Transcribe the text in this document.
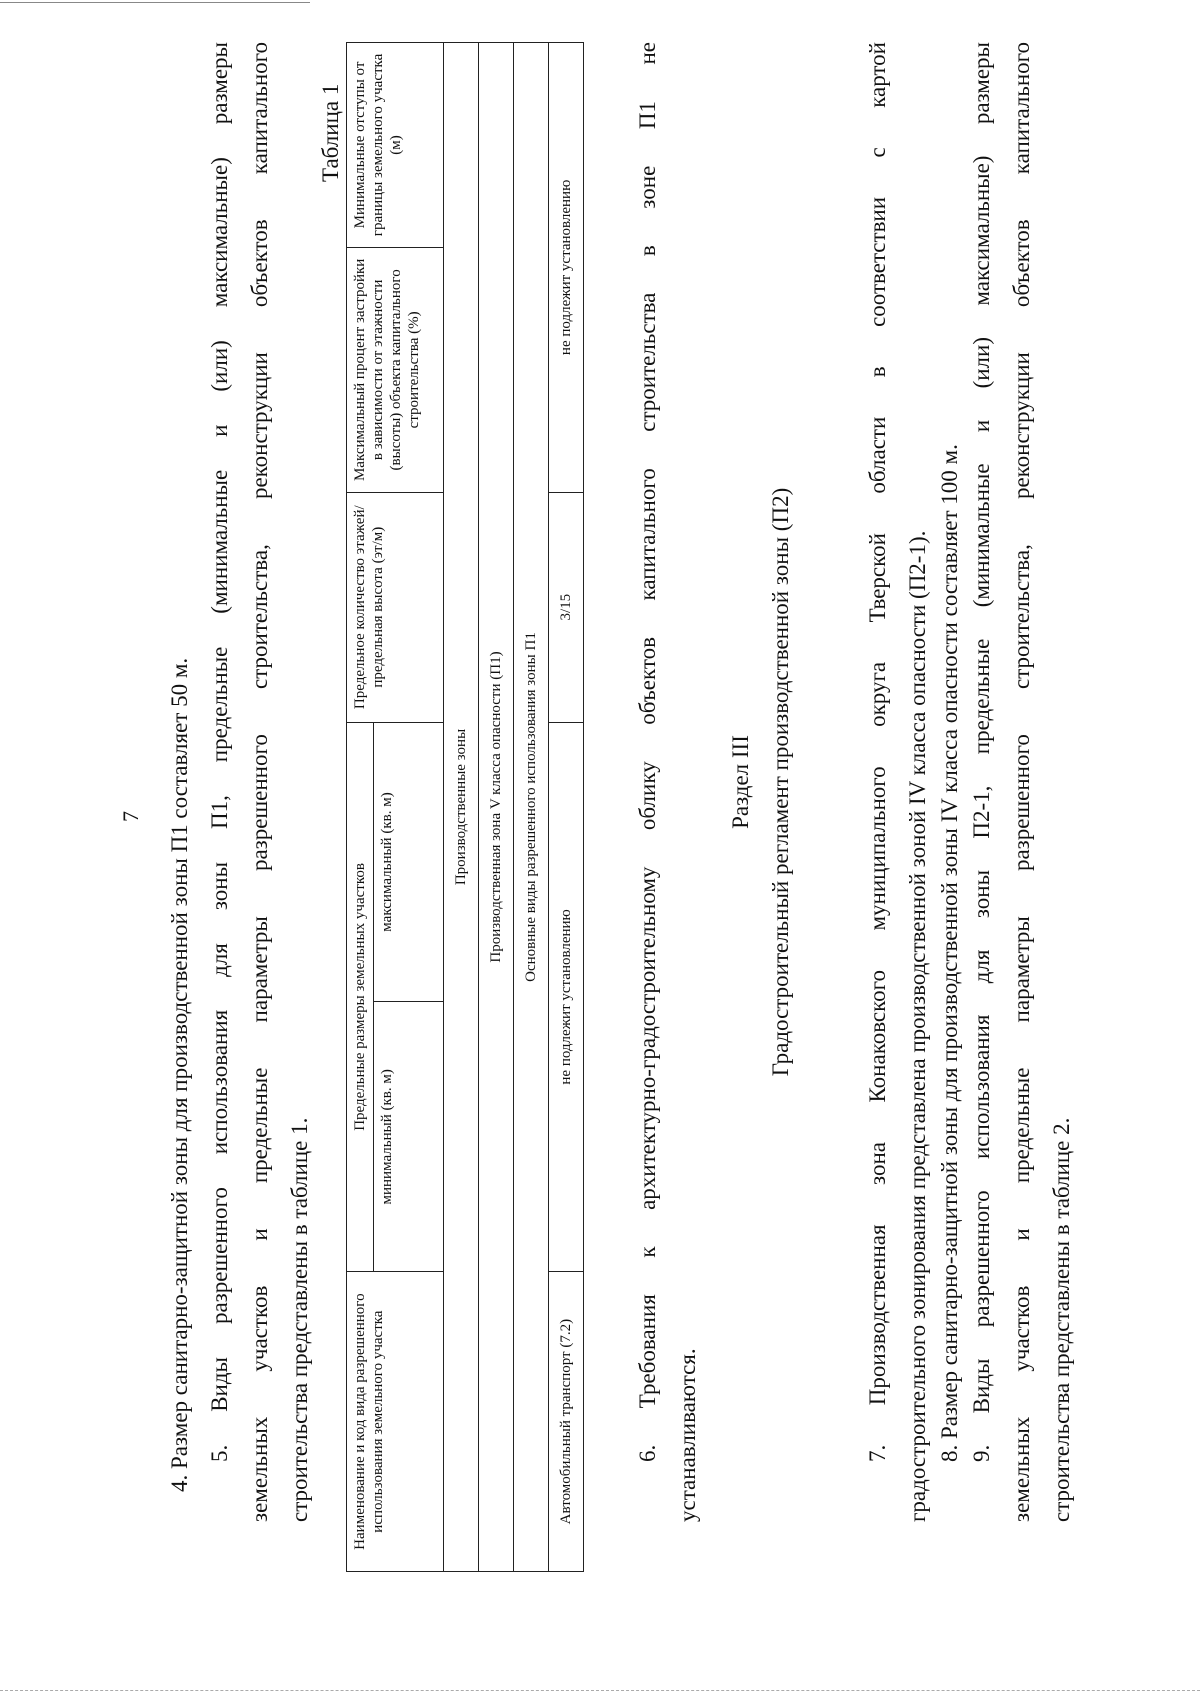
7	4. Размер санитарно-защитной зоны для производственной зоны П1 составляет 50 м. 5. Виды разрешенного использования для зоны П1, предельные (минимальные и (или) максимальные) размеры земельных участков и предельные параметры разрешенного строительства, реконструкции объектов капитального строительства представлены в таблице 1.
Таблица 1
Наименование и код вида разрешенного использования земельного участка	Предельные размеры земельных участков		Предельное количество этажей/ предельная высота (эт/м)	Максимальный процент застройки в зависимости от этажности (высоты) объекта капитального строительства (%)	Минимальные отступы от границы земельного участка (м)
	минимальный (кв. м)	максимальный (кв. м)			
Производственные зоны					
Производственная зона V класса опасности (П1)					
Основные виды разрешенного использования зоны П1					
Автомобильный транспорт (7.2)	не подлежит установлению		3/15	не подлежит установлению		6. Требования к архитектурно-градостроительному облику объектов капитального строительства в зоне П1 не устанавливаются.
Раздел III Градостроительный регламент производственной зоны (П2)	7. Производственная зона Конаковского муниципального округа Тверской области в соответствии с картой градостроительного зонирования представлена производственной зоной IV класса опасности (П2-1). 8. Размер санитарно-защитной зоны для производственной зоны IV класса опасности составляет 100 м. 9. Виды разрешенного использования для зоны П2-1, предельные (минимальные и (или) максимальные) размеры земельных участков и предельные параметры разрешенного строительства, реконструкции объектов капитального строительства представлены в таблице 2.
